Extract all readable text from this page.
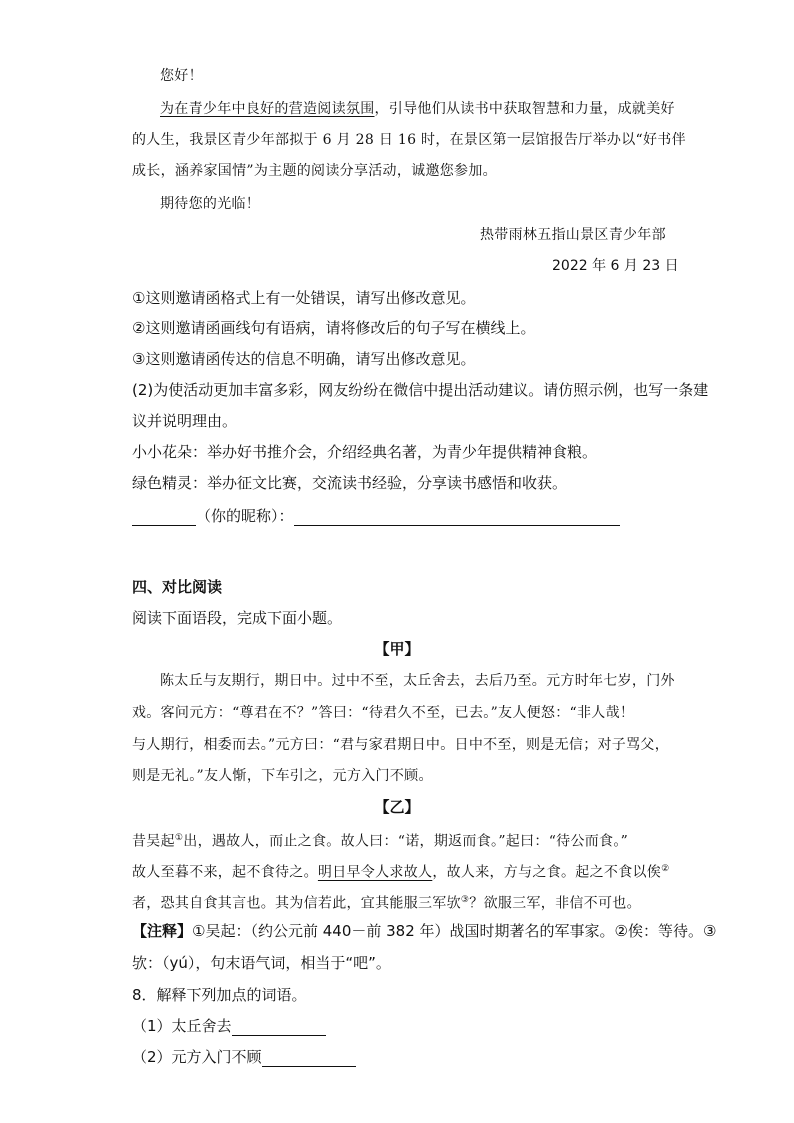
您好！
为在青少年中良好的营造阅读氛围，引导他们从读书中获取智慧和力量，成就美好
的人生，我景区青少年部拟于 6 月 28 日 16 时，在景区第一层馆报告厅举办以“好书伴
成长，涵养家国情”为主题的阅读分享活动，诚邀您参加。
期待您的光临！
热带雨林五指山景区青少年部
2022 年 6 月 23 日
①这则邀请函格式上有一处错误，请写出修改意见。
②这则邀请函画线句有语病，请将修改后的句子写在横线上。
③这则邀请函传达的信息不明确，请写出修改意见。
(2)为使活动更加丰富多彩，网友纷纷在微信中提出活动建议。请仿照示例，也写一条建
议并说明理由。
小小花朵：举办好书推介会，介绍经典名著，为青少年提供精神食粮。
绿色精灵：举办征文比赛，交流读书经验，分享读书感悟和收获。
（你的昵称）：
四、对比阅读
阅读下面语段，完成下面小题。
【甲】
陈太丘与友期行，期日中。过中不至，太丘舍去，去后乃至。元方时年七岁，门外
戏。客问元方：“尊君在不？”答曰：“待君久不至，已去。”友人便怒：“非人哉！
与人期行，相委而去。”元方曰：“君与家君期日中。日中不至，则是无信；对子骂父，
则是无礼。”友人惭，下车引之，元方入门不顾。
【乙】
昔吴起①出，遇故人，而止之食。故人曰：“诺，期返而食。”起曰：“待公而食。”
故人至暮不来，起不食待之。明日早令人求故人，故人来，方与之食。起之不食以俟②
者，恐其自食其言也。其为信若此，宜其能服三军欤③？欲服三军，非信不可也。
【注释】①吴起：（约公元前 440－前 382 年）战国时期著名的军事家。②俟：等待。③
欤：（yú），句末语气词，相当于“吧”。
8．解释下列加点的词语。
（1）太丘舍去
（2）元方入门不顾
